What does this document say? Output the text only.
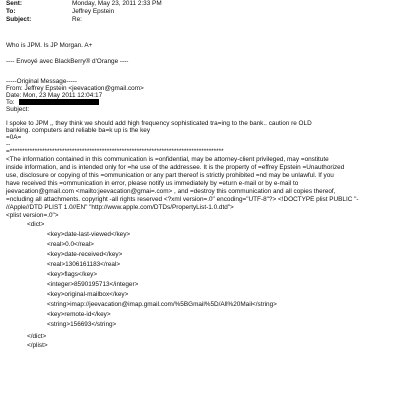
Sent:	Monday, May 23, 2011 2:33 PM
To:	Jeffrey Epstein
Subject:	Re:
Who is JPM. Is JP Morgan. A+
---- Envoyé avec BlackBerry® d'Orange ----
-----Original Message-----
From: Jeffrey Epstein <jeevacation@gmail.com>
Date: Mon, 23 May 2011 12:04:17
To:
Subject:
I spoke to JPM ,, they think we should add high frequency sophisticated tra=ing to the bank.. caution re OLD
banking. computers and reliable ba=k up is the key
=0A=
--
=**************************************************************************************
<The information contained in this communication is =onfidential, may be attorney-client privileged, may =onstitute
inside information, and is intended only for =he use of the addressee. It is the property of =effrey Epstein =Unauthorized
use, disclosure or copying of this =ommunication or any part thereof is strictly prohibited =nd may be unlawful. If you
have received this =ommunication in error, please notify us immediately by =eturn e-mail or by e-mail to
jeevacation@gmail.com <mailto:jeevacation@gmai=.com> , and =destroy this communication and all copies thereof,
=ncluding all attachments. copyright -all rights reserved <?xml version=.0" encoding="UTF-8"?> <!DOCTYPE plist PUBLIC "-
//Apple//DTD PLIST 1.0//EN" "http://www.apple.com/DTDs/PropertyList-1.0.dtd">
<plist version=.0">
<dict>
<key>date-last-viewed</key>
<real>0.0</real>
<key>date-received</key>
<real>1306161183</real>
<key>flags</key>
<integer>8590195713</integer>
<key>original-mailbox</key>
<string>imap://jeevacation@imap.gmail.com/%5BGmail%5D/All%20Mail</string>
<key>remote-id</key>
<string>156693</string>
</dict>
</plist>
